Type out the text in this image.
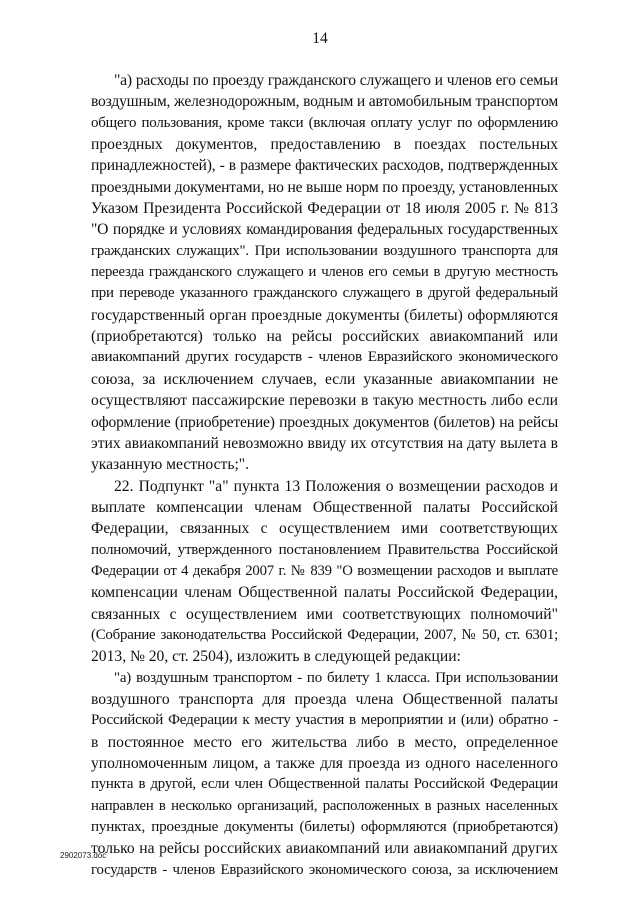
14
"а) расходы по проезду гражданского служащего и членов его семьи
воздушным, железнодорожным, водным и автомобильным транспортом
общего пользования, кроме такси (включая оплату услуг по оформлению
проездных документов, предоставлению в поездах постельных
принадлежностей), - в размере фактических расходов, подтвержденных
проездными документами, но не выше норм по проезду, установленных
Указом Президента Российской Федерации от 18 июля 2005 г. № 813
"О порядке и условиях командирования федеральных государственных
гражданских служащих". При использовании воздушного транспорта для
переезда гражданского служащего и членов его семьи в другую местность
при переводе указанного гражданского служащего в другой федеральный
государственный орган проездные документы (билеты) оформляются
(приобретаются) только на рейсы российских авиакомпаний или
авиакомпаний других государств - членов Евразийского экономического
союза, за исключением случаев, если указанные авиакомпании не
осуществляют пассажирские перевозки в такую местность либо если
оформление (приобретение) проездных документов (билетов) на рейсы
этих авиакомпаний невозможно ввиду их отсутствия на дату вылета в
указанную местность;".
22. Подпункт "а" пункта 13 Положения о возмещении расходов и
выплате компенсации членам Общественной палаты Российской
Федерации, связанных с осуществлением ими соответствующих
полномочий, утвержденного постановлением Правительства Российской
Федерации от 4 декабря 2007 г. № 839 "О возмещении расходов и выплате
компенсации членам Общественной палаты Российской Федерации,
связанных с осуществлением ими соответствующих полномочий"
(Собрание законодательства Российской Федерации, 2007, № 50, ст. 6301;
2013, № 20, ст. 2504), изложить в следующей редакции:
"а) воздушным транспортом - по билету 1 класса. При использовании
воздушного транспорта для проезда члена Общественной палаты
Российской Федерации к месту участия в мероприятии и (или) обратно -
в постоянное место его жительства либо в место, определенное
уполномоченным лицом, а также для проезда из одного населенного
пункта в другой, если член Общественной палаты Российской Федерации
направлен в несколько организаций, расположенных в разных населенных
пунктах, проездные документы (билеты) оформляются (приобретаются)
только на рейсы российских авиакомпаний или авиакомпаний других
государств - членов Евразийского экономического союза, за исключением
2902073.doc
